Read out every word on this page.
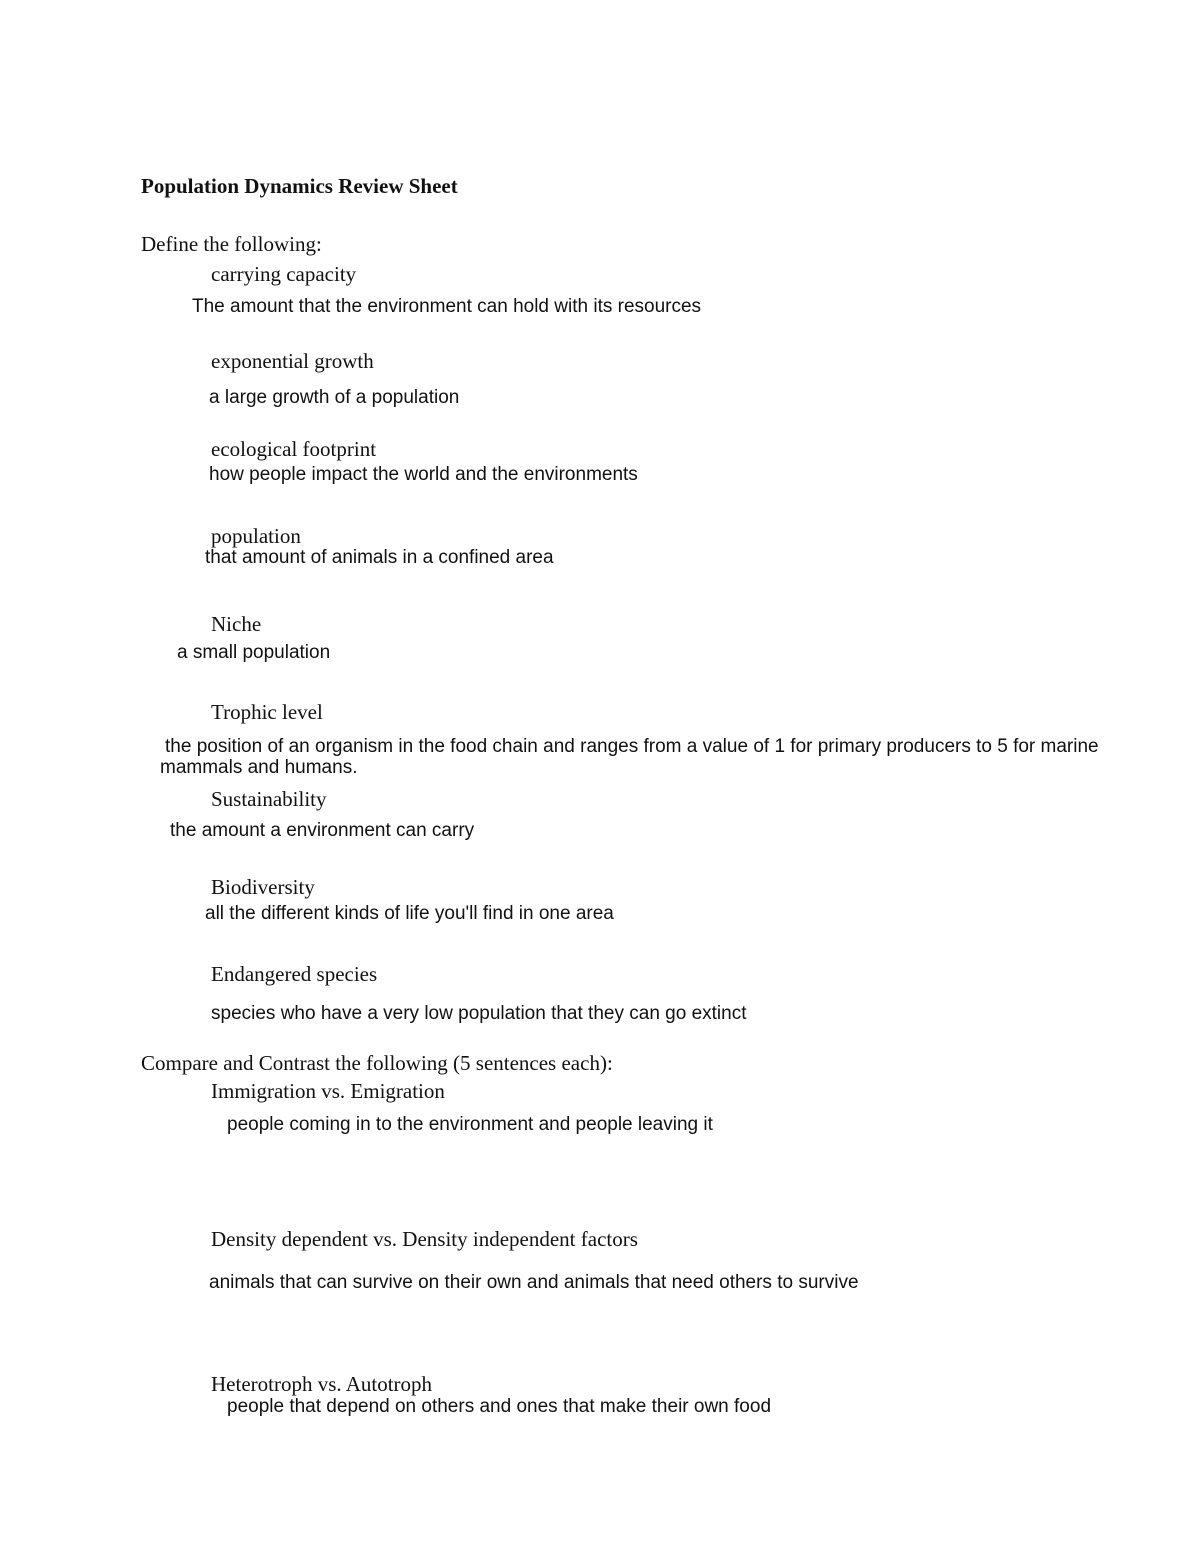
Population Dynamics Review Sheet
Define the following:
carrying capacity
The amount that the environment can hold with its resources
exponential growth
a large growth of a population
ecological footprint
how people impact the world and the environments
population
that amount of animals in a confined area
Niche
a small population
Trophic level
the position of an organism in the food chain and ranges from a value of 1 for primary producers to 5 for marine mammals and humans.
Sustainability
the amount a environment can carry
Biodiversity
all the different kinds of life you'll find in one area
Endangered species
species who have a very low population that they can go extinct
Compare and Contrast the following (5 sentences each):
Immigration vs. Emigration
people coming in to the environment and people leaving it
Density dependent vs. Density independent factors
animals that can survive on their own and animals that need others to survive
Heterotroph vs. Autotroph
people that depend on others and ones that make their own food
